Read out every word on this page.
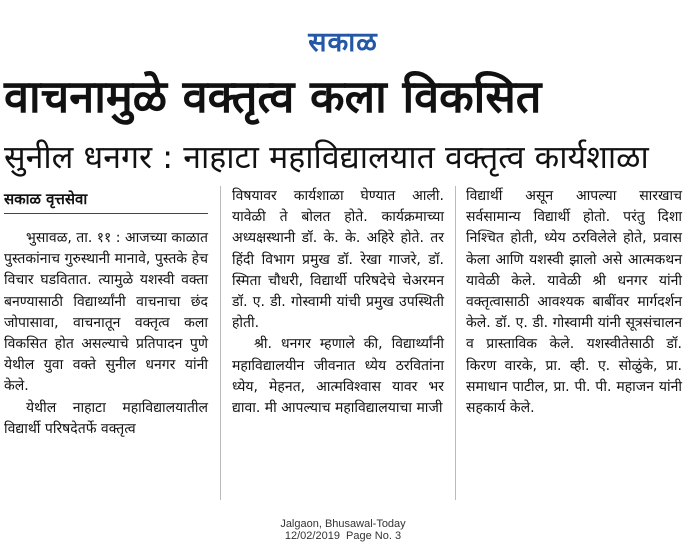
सकाळ
वाचनामुळे वक्तृत्व कला विकसित
सुनील धनगर : नाहाटा महाविद्यालयात वक्तृत्व कार्यशाळा
सकाळ वृत्तसेवा

भुसावळ, ता. ११ : आजच्या काळात पुस्तकांनाच गुरुस्थानी मानावे, पुस्तके हेच विचार घडवितात. त्यामुळे यशस्वी वक्ता बनण्यासाठी विद्यार्थ्यांनी वाचनाचा छंद जोपासावा, वाचनातून वक्तृत्व कला विकसित होत असल्याचे प्रतिपादन पुणे येथील युवा वक्ते सुनील धनगर यांनी केले.

येथील नाहाटा महाविद्यालयातील विद्यार्थी परिषदेतर्फे वक्तृत्व

विषयावर कार्यशाळा घेण्यात आली. यावेळी ते बोलत होते. कार्यक्रमाच्या अध्यक्षस्थानी डॉ. के. के. अहिरे होते. तर हिंदी विभाग प्रमुख डॉ. रेखा गाजरे, डॉ. स्मिता चौधरी, विद्यार्थी परिषदेचे चेअरमन डॉ. ए. डी. गोस्वामी यांची प्रमुख उपस्थिती होती.

श्री. धनगर म्हणाले की, विद्यार्थ्यांनी महाविद्यालयीन जीवनात ध्येय ठरवितांना ध्येय, मेहनत, आत्मविश्वास यावर भर द्यावा. मी आपल्याच महाविद्यालयाचा माजी

विद्यार्थी असून आपल्या सारखाच सर्वसामान्य विद्यार्थी होतो. परंतु दिशा निश्चित होती, ध्येय ठरविलेले होते, प्रवास केला आणि यशस्वी झालो असे आत्मकथन यावेळी केले. यावेळी श्री धनगर यांनी वक्तृत्वासाठी आवश्यक बाबींवर मार्गदर्शन केले. डॉ. ए. डी. गोस्वामी यांनी सूत्रसंचालन व प्रास्ताविक केले. यशस्वीतेसाठी डॉ. किरण वारके, प्रा. व्ही. ए. सोळुंके, प्रा. समाधान पाटील, प्रा. पी. पी. महाजन यांनी सहकार्य केले.

Jalgaon, Bhusawal-Today
12/02/2019  Page No. 3
